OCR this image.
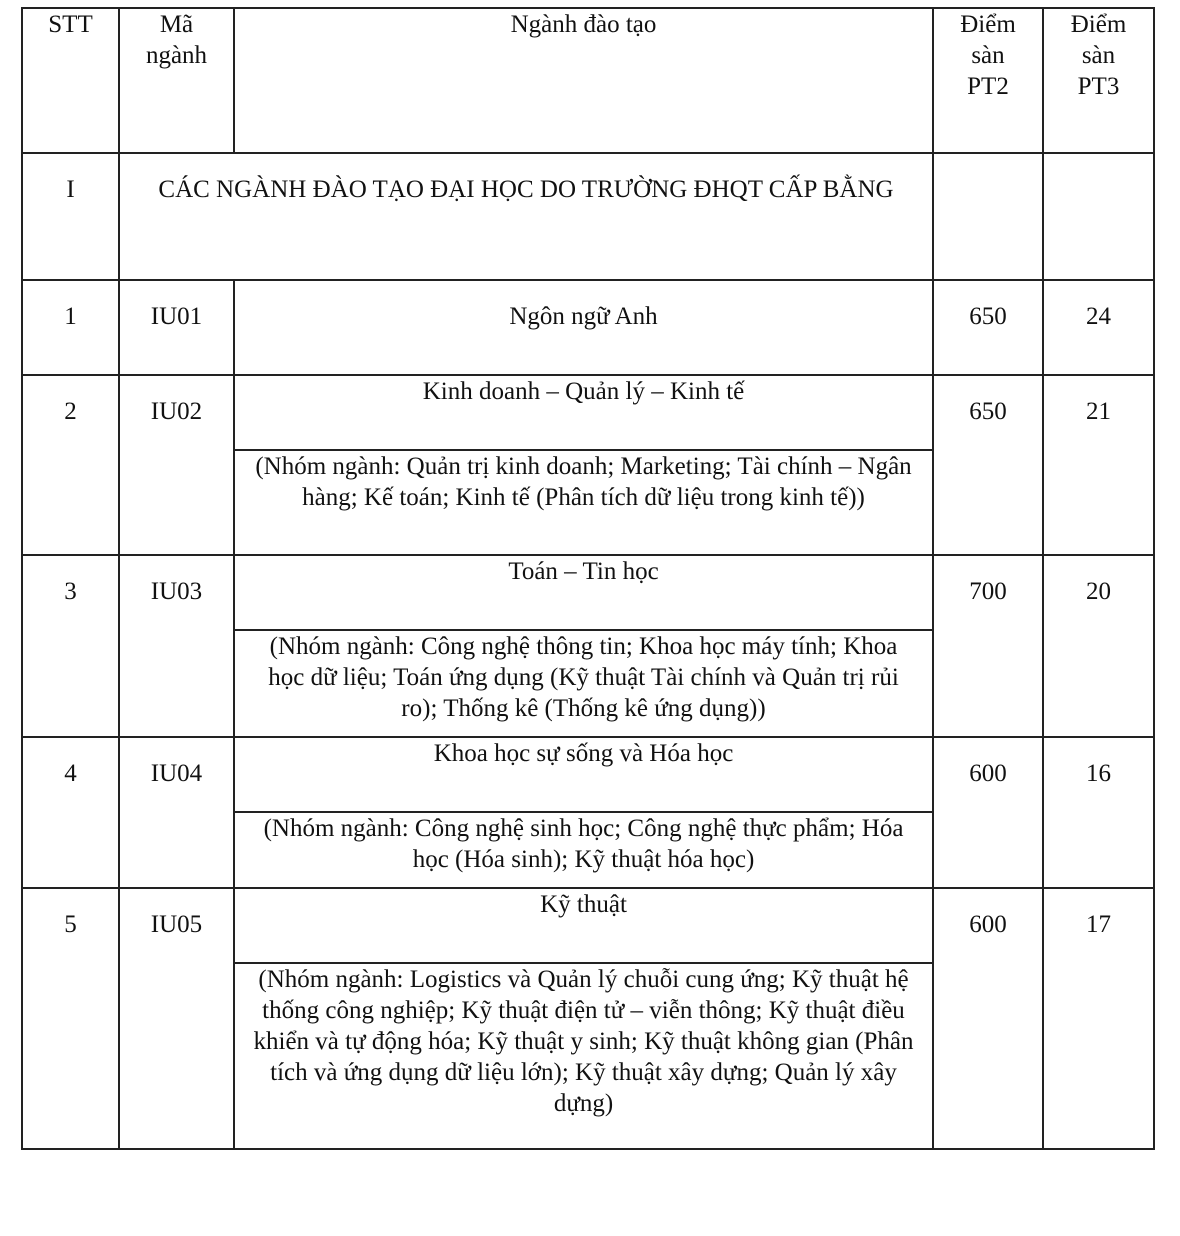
STT	Mã ngành	Ngành đào tạo	Điểm sàn PT2	Điểm sàn PT3
I	CÁC NGÀNH ĐÀO TẠO ĐẠI HỌC DO TRƯỜNG ĐHQT CẤP BẰNG			
1	IU01	Ngôn ngữ Anh	650	24
2	IU02	Kinh doanh – Quản lý – Kinh tế	650	21
		(Nhóm ngành: Quản trị kinh doanh; Marketing; Tài chính – Ngân hàng; Kế toán; Kinh tế (Phân tích dữ liệu trong kinh tế))		
3	IU03	Toán – Tin học	700	20
		(Nhóm ngành: Công nghệ thông tin; Khoa học máy tính; Khoa học dữ liệu; Toán ứng dụng (Kỹ thuật Tài chính và Quản trị rủi ro); Thống kê (Thống kê ứng dụng))		
4	IU04	Khoa học sự sống và Hóa học	600	16
		(Nhóm ngành: Công nghệ sinh học; Công nghệ thực phẩm; Hóa học (Hóa sinh); Kỹ thuật hóa học)		
5	IU05	Kỹ thuật	600	17
		(Nhóm ngành: Logistics và Quản lý chuỗi cung ứng; Kỹ thuật hệ thống công nghiệp; Kỹ thuật điện tử – viễn thông; Kỹ thuật điều khiển và tự động hóa; Kỹ thuật y sinh; Kỹ thuật không gian (Phân tích và ứng dụng dữ liệu lớn); Kỹ thuật xây dựng; Quản lý xây dựng)		
